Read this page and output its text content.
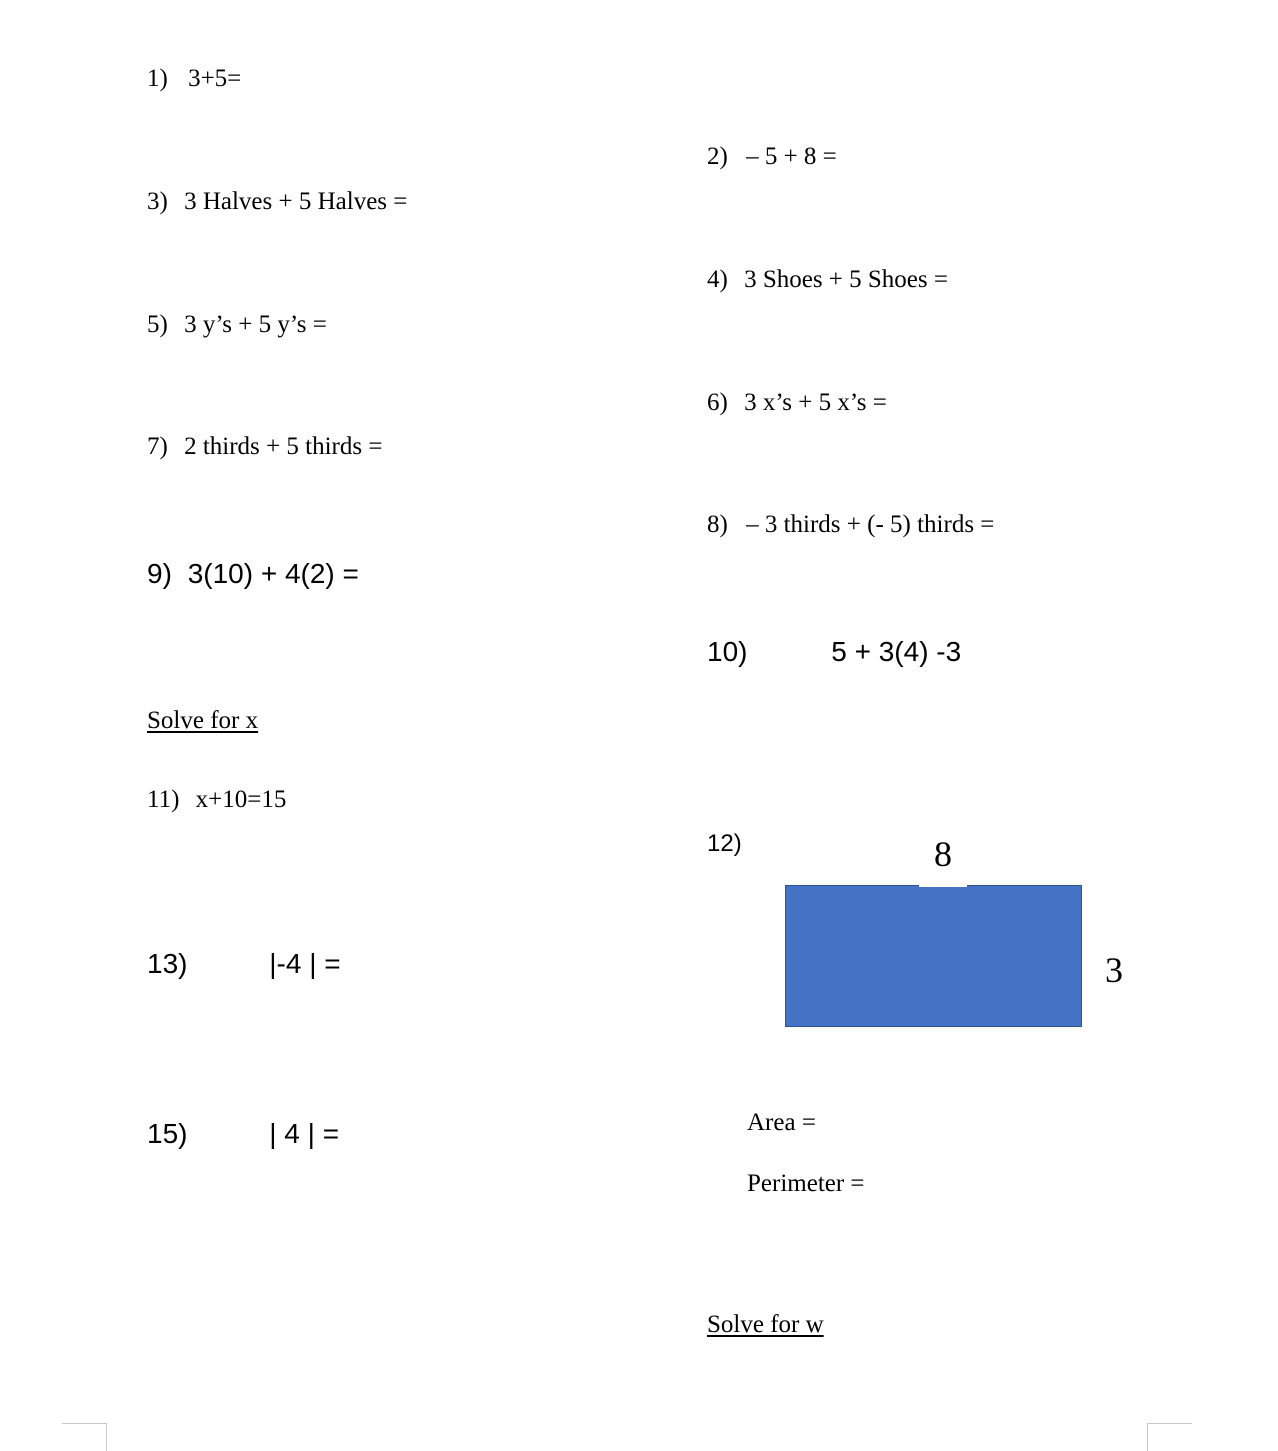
1) 3+5=
3) 3 Halves + 5 Halves =
5) 3 y’s + 5 y’s =
7) 2 thirds + 5 thirds =
9) 3(10) + 4(2) =
Solve for x
11) x+10=15
13)	|-4 | =
15)	| 4 | =
2) – 5 + 8 =
4) 3 Shoes + 5 Shoes =
6) 3 x’s + 5 x’s =
8) – 3 thirds + (- 5) thirds =
10)	5 + 3(4) -3
12)	8
3
Area =
Perimeter =
Solve for w
